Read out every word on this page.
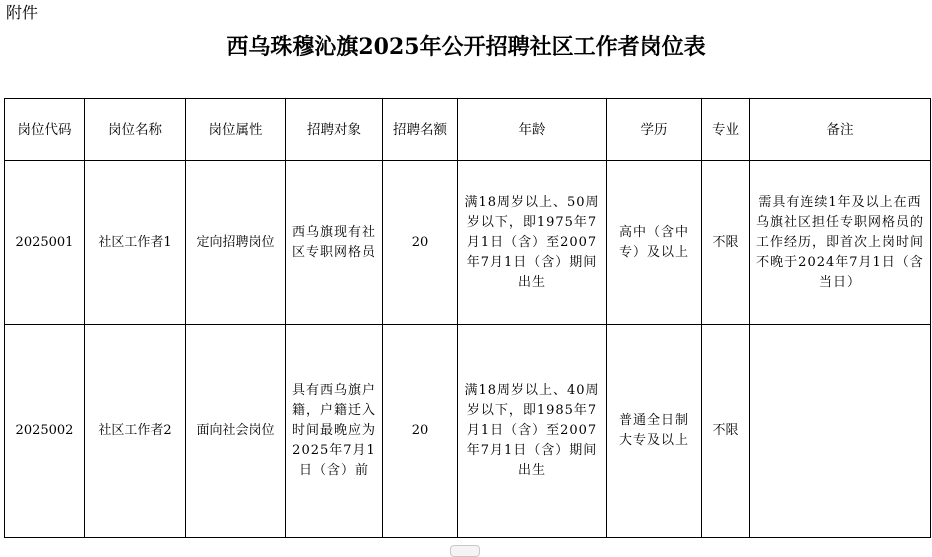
附件
西乌珠穆沁旗2025年公开招聘社区工作者岗位表
岗位代码	岗位名称	岗位属性	招聘对象	招聘名额	年龄	学历	专业	备注
2025001	社区工作者1	定向招聘岗位	西乌旗现有社区专职网格员	20	满18周岁以上、50周岁以下，即1975年7月1日（含）至2007年7月1日（含）期间出生	高中（含中专）及以上	不限	需具有连续1年及以上在西乌旗社区担任专职网格员的工作经历，即首次上岗时间不晚于2024年7月1日（含当日）
2025002	社区工作者2	面向社会岗位	具有西乌旗户籍，户籍迁入时间最晚应为2025年7月1日（含）前	20	满18周岁以上、40周岁以下，即1985年7月1日（含）至2007年7月1日（含）期间出生	普通全日制大专及以上	不限	
